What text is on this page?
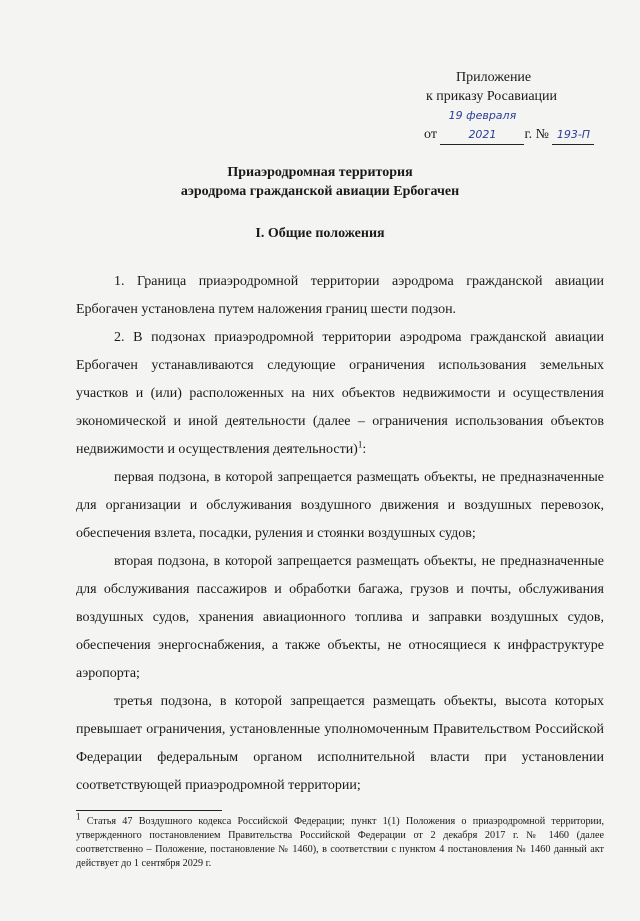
Приложение
к приказу Росавиации
от 19 февраля 2021 г. № 193-П
Приаэродромная территория
аэродрома гражданской авиации Ербогачен
I. Общие положения

1. Граница приаэродромной территории аэродрома гражданской авиации Ербогачен установлена путем наложения границ шести подзон.

2. В подзонах приаэродромной территории аэродрома гражданской авиации Ербогачен устанавливаются следующие ограничения использования земельных участков и (или) расположенных на них объектов недвижимости и осуществления экономической и иной деятельности (далее – ограничения использования объектов недвижимости и осуществления деятельности)$^1$:

первая подзона, в которой запрещается размещать объекты, не предназначенные для организации и обслуживания воздушного движения и воздушных перевозок, обеспечения взлета, посадки, руления и стоянки воздушных судов;

вторая подзона, в которой запрещается размещать объекты, не предназначенные для обслуживания пассажиров и обработки багажа, грузов и почты, обслуживания воздушных судов, хранения авиационного топлива и заправки воздушных судов, обеспечения энергоснабжения, а также объекты, не относящиеся к инфраструктуре аэропорта;

третья подзона, в которой запрещается размещать объекты, высота которых превышает ограничения, установленные уполномоченным Правительством Российской Федерации федеральным органом исполнительной власти при установлении соответствующей приаэродромной территории;

$^1$ Статья 47 Воздушного кодекса Российской Федерации; пункт 1(1) Положения о приаэродромной территории, утвержденного постановлением Правительства Российской Федерации от 2 декабря 2017 г. № 1460 (далее соответственно – Положение, постановление № 1460), в соответствии с пунктом 4 постановления № 1460 данный акт действует до 1 сентября 2029 г.
